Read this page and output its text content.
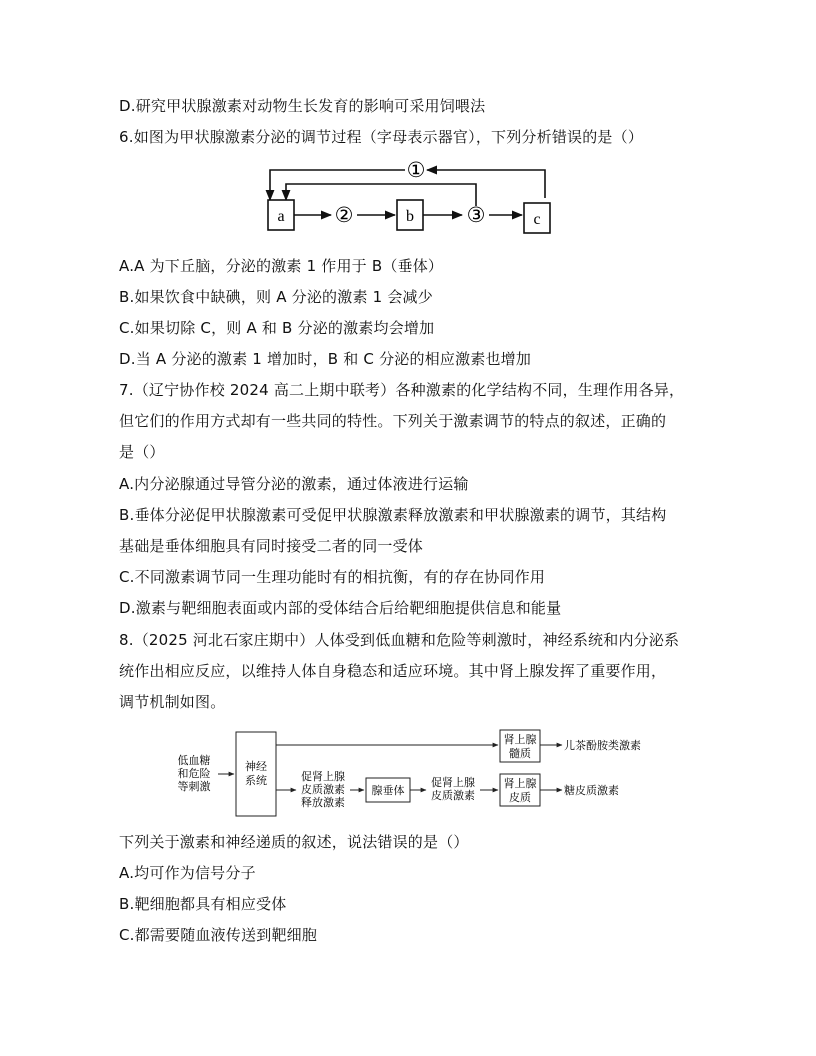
D.研究甲状腺激素对动物生长发育的影响可采用饲喂法
6.如图为甲状腺激素分泌的调节过程（字母表示器官），下列分析错误的是（）
a	b	c
①
②	③
A.A 为下丘脑，分泌的激素 1 作用于 B（垂体）
B.如果饮食中缺碘，则 A 分泌的激素 1 会减少
C.如果切除 C，则 A 和 B 分泌的激素均会增加
D.当 A 分泌的激素 1 增加时，B 和 C 分泌的相应激素也增加
7.（辽宁协作校 2024 高二上期中联考）各种激素的化学结构不同，生理作用各异，
但它们的作用方式却有一些共同的特性。下列关于激素调节的特点的叙述，正确的
是（）
A.内分泌腺通过导管分泌的激素，通过体液进行运输
B.垂体分泌促甲状腺激素可受促甲状腺激素释放激素和甲状腺激素的调节，其结构
基础是垂体细胞具有同时接受二者的同一受体
C.不同激素调节同一生理功能时有的相抗衡，有的存在协同作用
D.激素与靶细胞表面或内部的受体结合后给靶细胞提供信息和能量
8.（2025 河北石家庄期中）人体受到低血糖和危险等刺激时，神经系统和内分泌系
统作出相应反应，以维持人体自身稳态和适应环境。其中肾上腺发挥了重要作用，
调节机制如图。
低血糖
和危险
等刺激
神经
系统
肾上腺
髓质
儿茶酚胺类激素
促肾上腺
皮质激素
释放激素
腺垂体
促肾上腺
皮质激素
肾上腺
皮质
糖皮质激素
下列关于激素和神经递质的叙述，说法错误的是（）
A.均可作为信号分子
B.靶细胞都具有相应受体
C.都需要随血液传送到靶细胞
